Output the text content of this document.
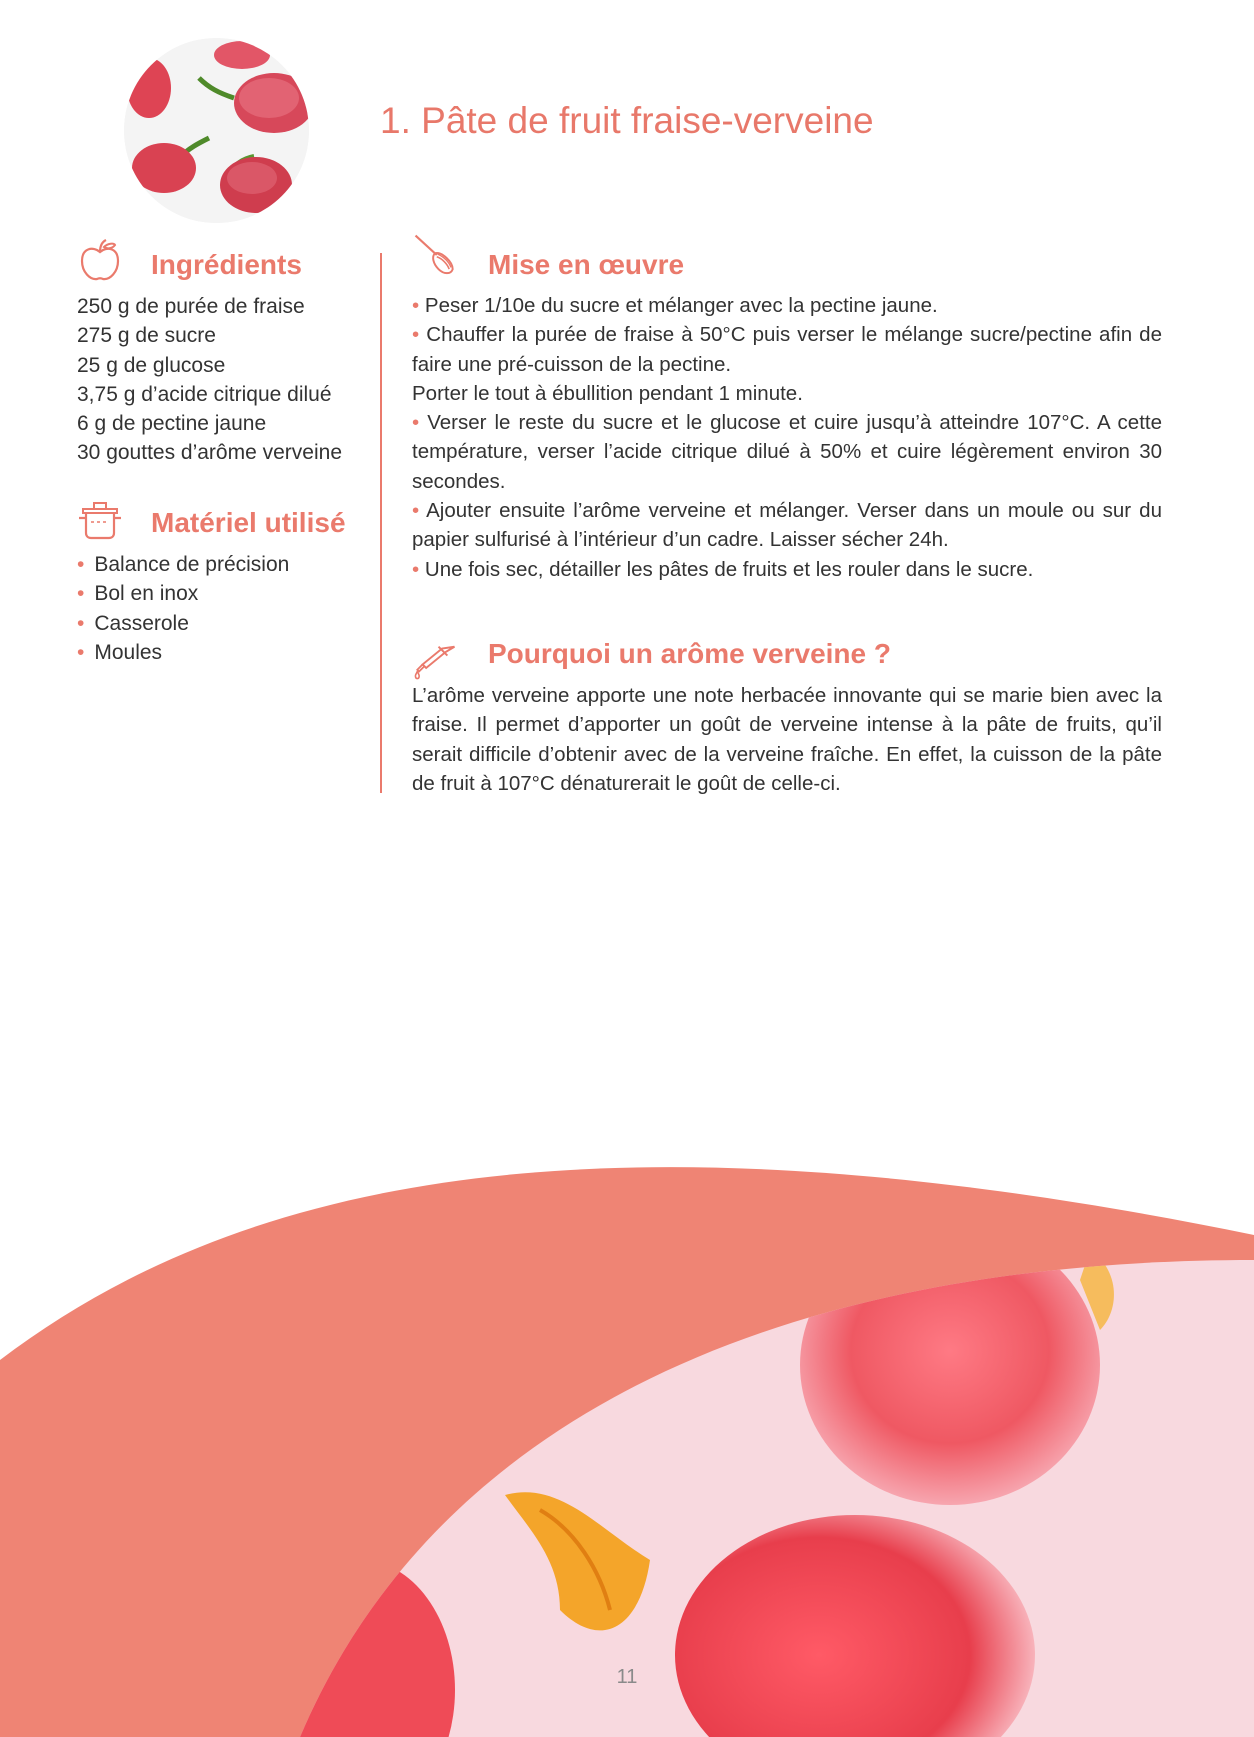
1. Pâte de fruit fraise-verveine
Ingrédients
250 g de purée de fraise
275 g de sucre
25 g de glucose
3,75 g d’acide citrique dilué
6 g de pectine jaune
30 gouttes d’arôme verveine
Matériel utilisé
• Balance de précision
• Bol en inox
• Casserole
• Moules
Mise en œuvre

• Peser 1/10e du sucre et mélanger avec la pectine jaune.

• Chauffer la purée de fraise à 50°C puis verser le mélange sucre/pectine afin de faire une pré-cuisson de la pectine.

Porter le tout à ébullition pendant 1 minute.

• Verser le reste du sucre et le glucose et cuire jusqu’à atteindre 107°C. A cette température, verser l’acide citrique dilué à 50% et cuire légèrement environ 30 secondes.

• Ajouter ensuite l’arôme verveine et mélanger. Verser dans un moule ou sur du papier sulfurisé à l’intérieur d’un cadre. Laisser sécher 24h.

• Une fois sec, détailler les pâtes de fruits et les rouler dans le sucre.

Pourquoi un arôme verveine ?

L’arôme verveine apporte une note herbacée innovante qui se marie bien avec la fraise. Il permet d’apporter un goût de verveine intense à la pâte de fruits, qu’il serait difficile d’obtenir avec de la verveine fraîche. En effet, la cuisson de la pâte de fruit à 107°C dénaturerait le goût de celle-ci.

11
